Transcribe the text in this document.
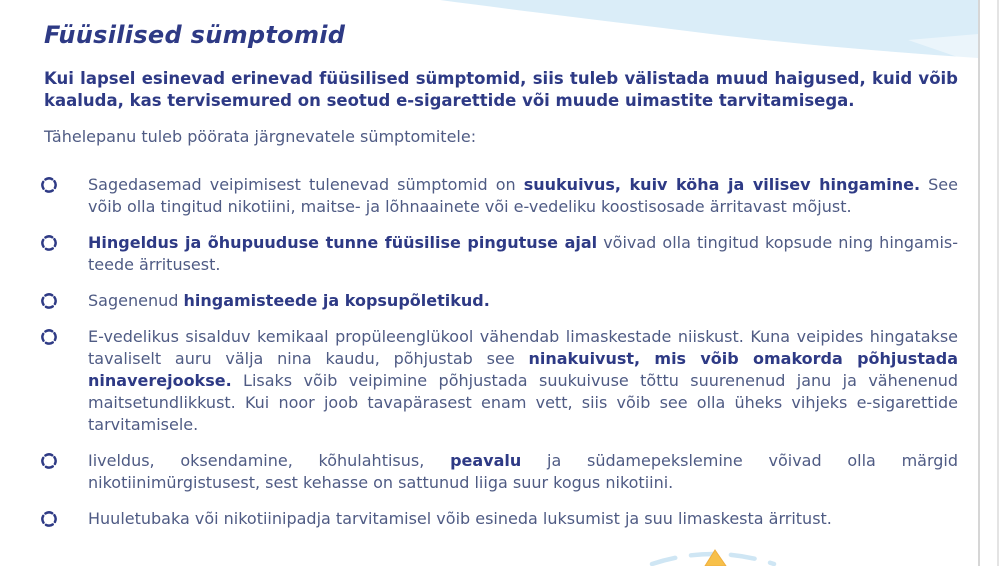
Füüsilised sümptomid
Kui lapsel esinevad erinevad füüsilised sümptomid, siis tuleb välistada muud haigused, kuid võib kaaluda, kas tervisemured on seotud e-sigarettide või muude uimastite tarvitamisega.
Tähelepanu tuleb pöörata järgnevatele sümptomitele:

Sagedasemad veipimisest tulenevad sümptomid on suukuivus, kuiv köha ja vilisev hingamine. See võib olla tingitud nikotiini, maitse- ja lõhnaainete või e-vedeliku koostisosade ärritavast mõjust.

Hingeldus ja õhupuuduse tunne füüsilise pingutuse ajal võivad olla tingitud kopsude ning hingamisteede ärritusest.

Sagenenud hingamisteede ja kopsupõletikud.

E-vedelikus sisalduv kemikaal propüleenglükool vähendab limaskestade niiskust. Kuna veipides hingatakse tavaliselt auru välja nina kaudu, põhjustab see ninakuivust, mis võib omakorda põhjustada ninaverejookse. Lisaks võib veipimine põhjustada suukuivuse tõttu suurenenud janu ja vähenenud maitsetundlikkust. Kui noor joob tavapärasest enam vett, siis võib see olla üheks vihjeks e-sigarettide tarvitamisele.

Iiveldus, oksendamine, kõhulahtisus, peavalu ja südamepekslemine võivad olla märgid nikotiinimürgistusest, sest kehasse on sattunud liiga suur kogus nikotiini.

Huuletubaka või nikotiinipadja tarvitamisel võib esineda luksumist ja suu limaskesta ärritust.
